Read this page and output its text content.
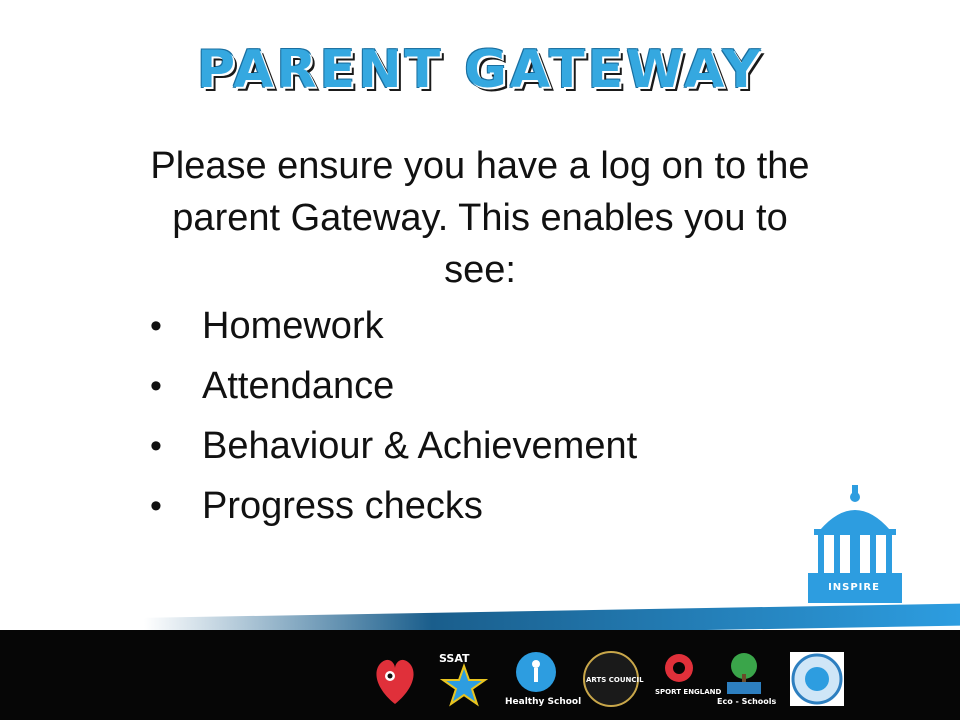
PARENT GATEWAY
Please ensure you have a log on to the parent Gateway. This enables you to see:
•	Homework
•	Attendance
•	Behaviour & Achievement
•	Progress checks
INSPIRE
SSAT
Healthy School
ARTS COUNCIL
SPORT ENGLAND
Eco - Schools
